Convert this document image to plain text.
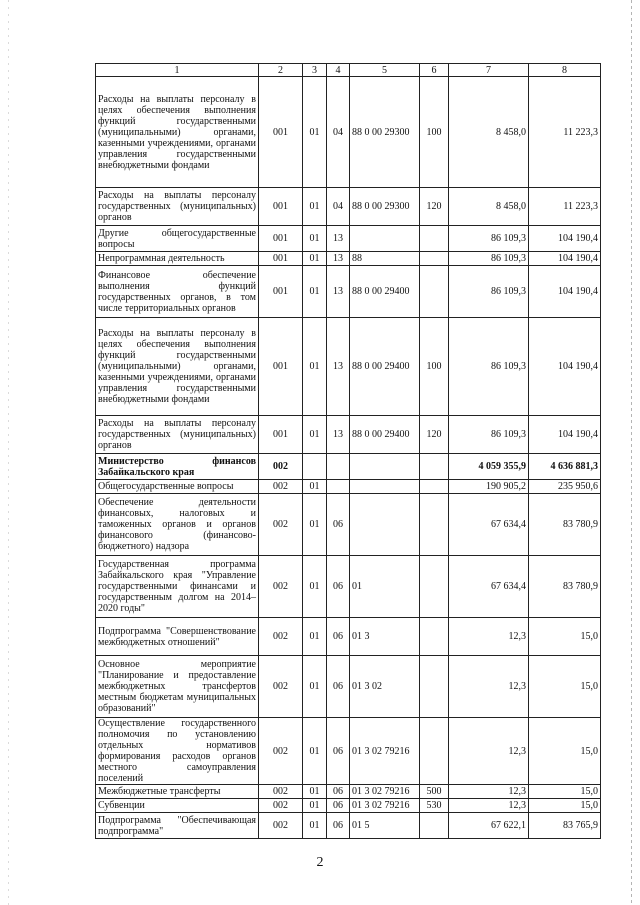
1	2	3	4	5	6	7	8
Расходы на выплаты персоналу в целях обеспечения выполнения функций государственными (муниципальными) органами, казенными учреждениями, органами управления государственными внебюджетными фондами	001	01	04	88 0 00 29300	100	8 458,0	11 223,3
Расходы на выплаты персоналу государственных (муниципальных) органов	001	01	04	88 0 00 29300	120	8 458,0	11 223,3
Другие общегосударственные вопросы	001	01	13			86 109,3	104 190,4
Непрограммная деятельность	001	01	13	88		86 109,3	104 190,4
Финансовое обеспечение выполнения функций государственных органов, в том числе территориальных органов	001	01	13	88 0 00 29400		86 109,3	104 190,4
Расходы на выплаты персоналу в целях обеспечения выполнения функций государственными (муниципальными) органами, казенными учреждениями, органами управления государственными внебюджетными фондами	001	01	13	88 0 00 29400	100	86 109,3	104 190,4
Расходы на выплаты персоналу государственных (муниципальных) органов	001	01	13	88 0 00 29400	120	86 109,3	104 190,4
Министерство финансов Забайкальского края	002					4 059 355,9	4 636 881,3
Общегосударственные вопросы	002	01				190 905,2	235 950,6
Обеспечение деятельности финансовых, налоговых и таможенных органов и органов финансового (финансово-бюджетного) надзора	002	01	06			67 634,4	83 780,9
Государственная программа Забайкальского края "Управление государственными финансами и государственным долгом на 2014–2020 годы"	002	01	06	01		67 634,4	83 780,9
Подпрограмма "Совершенствование межбюджетных отношений"	002	01	06	01 3		12,3	15,0
Основное мероприятие "Планирование и предоставление межбюджетных трансфертов местным бюджетам муниципальных образований"	002	01	06	01 3 02		12,3	15,0
Осуществление государственного полномочия по установлению отдельных нормативов формирования расходов органов местного самоуправления поселений	002	01	06	01 3 02 79216		12,3	15,0
Межбюджетные трансферты	002	01	06	01 3 02 79216	500	12,3	15,0
Субвенции	002	01	06	01 3 02 79216	530	12,3	15,0
Подпрограмма "Обеспечивающая подпрограмма"	002	01	06	01 5		67 622,1	83 765,9
2
